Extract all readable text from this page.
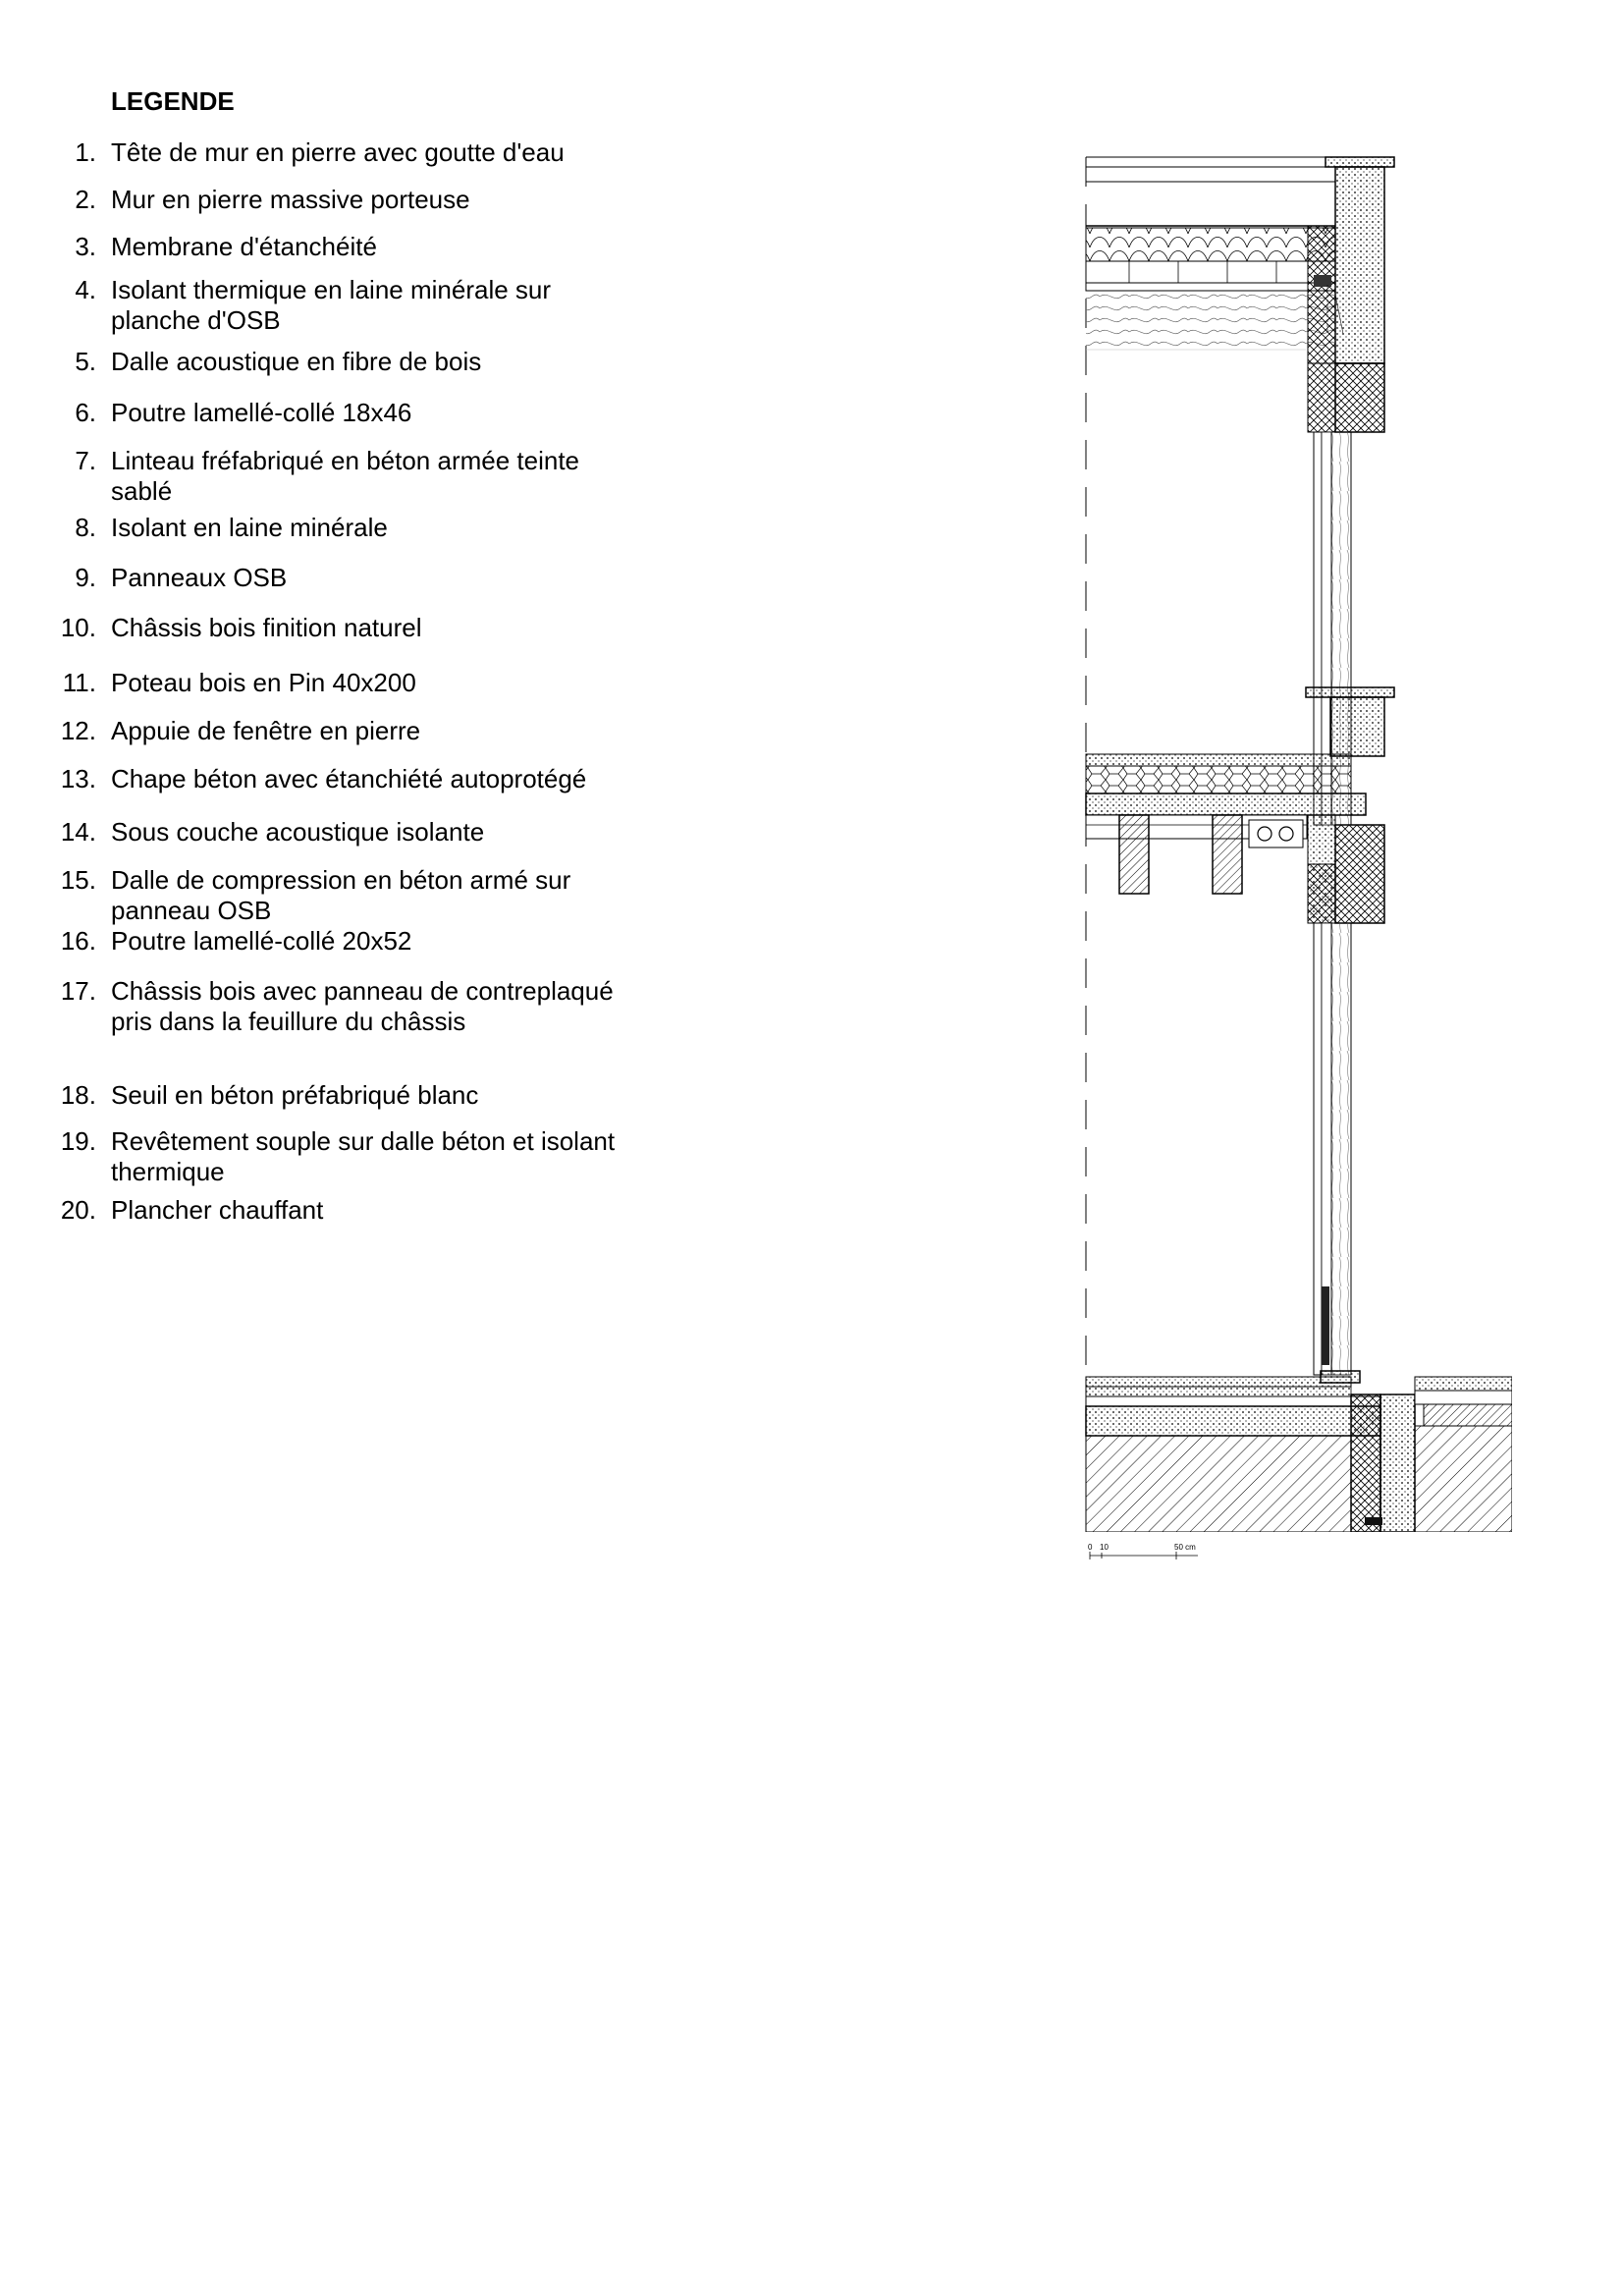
LEGENDE
1. Tête de mur en pierre avec goutte d'eau
2. Mur en pierre massive porteuse
3. Membrane d'étanchéité
4. Isolant thermique en laine minérale sur planche d'OSB
5. Dalle acoustique en fibre de bois
6. Poutre lamellé-collé 18x46
7. Linteau fréfabriqué en béton armée teinte sablé
8. Isolant en laine minérale
9. Panneaux OSB
10. Châssis bois finition naturel
11. Poteau bois en Pin 40x200
12. Appuie de fenêtre en pierre
13. Chape béton avec étanchiété autoprotégé
14. Sous couche acoustique isolante
15. Dalle de compression en béton armé sur panneau OSB
16. Poutre lamellé-collé 20x52
17. Châssis bois avec panneau de contreplaqué pris dans la feuillure du châssis
18. Seuil en béton préfabriqué blanc
19. Revêtement souple sur dalle béton et isolant thermique
20. Plancher chauffant
0 10	50 cm
